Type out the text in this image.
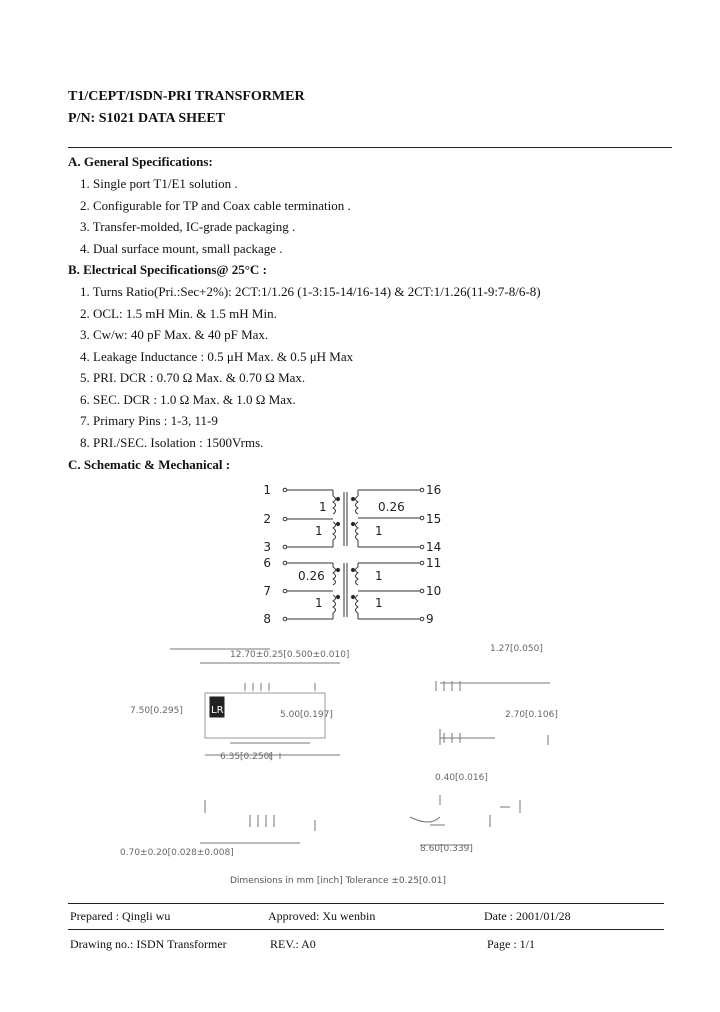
T1/CEPT/ISDN-PRI TRANSFORMER
P/N: S1021 DATA SHEET
A. General Specifications:
1. Single port T1/E1 solution .
2. Configurable for TP and Coax cable termination .
3. Transfer-molded, IC-grade packaging .
4. Dual surface mount, small package .
B. Electrical Specifications@ 25°C :
1. Turns Ratio(Pri.:Sec+2%): 2CT:1/1.26 (1-3:15-14/16-14) & 2CT:1/1.26(11-9:7-8/6-8)
2. OCL: 1.5 mH Min. & 1.5 mH Min.
3. Cw/w: 40 pF Max. & 40 pF Max.
4. Leakage Inductance : 0.5 μH Max. & 0.5 μH Max
5. PRI. DCR : 0.70 Ω Max. & 0.70 Ω Max.
6. SEC. DCR : 1.0 Ω Max. & 1.0 Ω Max.
7. Primary Pins : 1-3, 11-9
8. PRI./SEC. Isolation : 1500Vrms.
C. Schematic & Mechanical :
1
2
3
1
1
0.26
1
16
15
14
6
7
8
0.26
1
1
1
11
10
9
LR
12.70±0.25[0.500±0.010]
7.50[0.295]	5.00[0.197]
6.35[0.250]
1.27[0.050]
2.70[0.106]
0.40[0.016]
0.70±0.20[0.028±0.008]	8.60[0.339]
Dimensions in mm [inch] Tolerance ±0.25[0.01]
Prepared : Qingli wu	Approved: Xu wenbin	Date : 2001/01/28
Drawing no.: ISDN Transformer	REV.: A0	Page : 1/1
